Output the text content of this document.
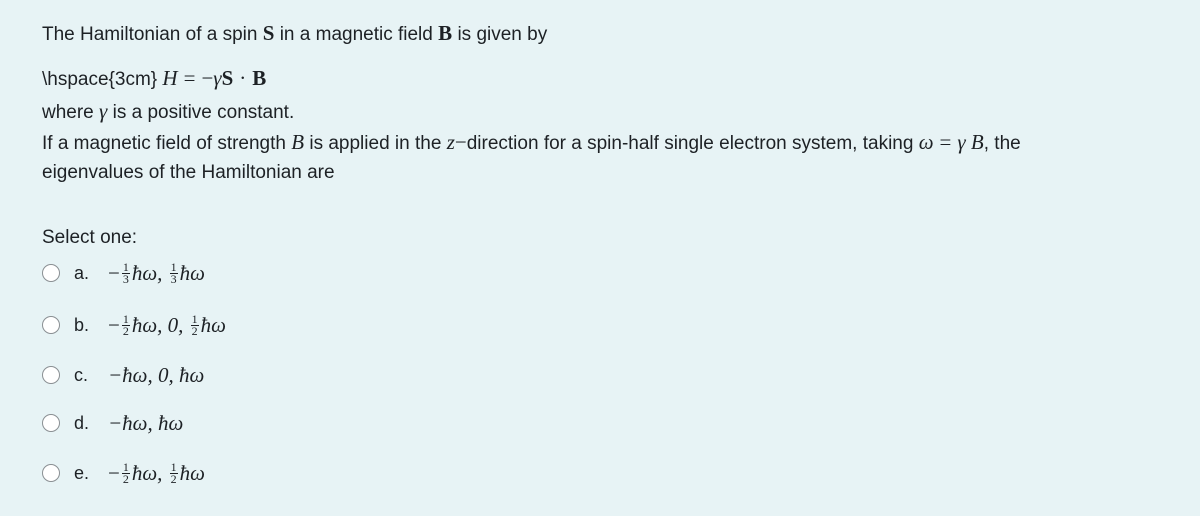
The Hamiltonian of a spin S in a magnetic field B is given by
\hspace{3cm} H = −γS · B
where γ is a positive constant.
If a magnetic field of strength B is applied in the z−direction for a spin-half single electron system, taking ω = γ B, the
eigenvalues of the Hamiltonian are
Select one:
a. − $\frac{1}{3}$ ħω,
$\frac{1}{3}$ ħω
b. − $\frac{1}{2}$ ħω, 0,
$\frac{1}{2}$ ħω
c. −ħω, 0, ħω
d. −ħω, ħω
e. − $\frac{1}{2}$ ħω,
$\frac{1}{2}$ ħω
